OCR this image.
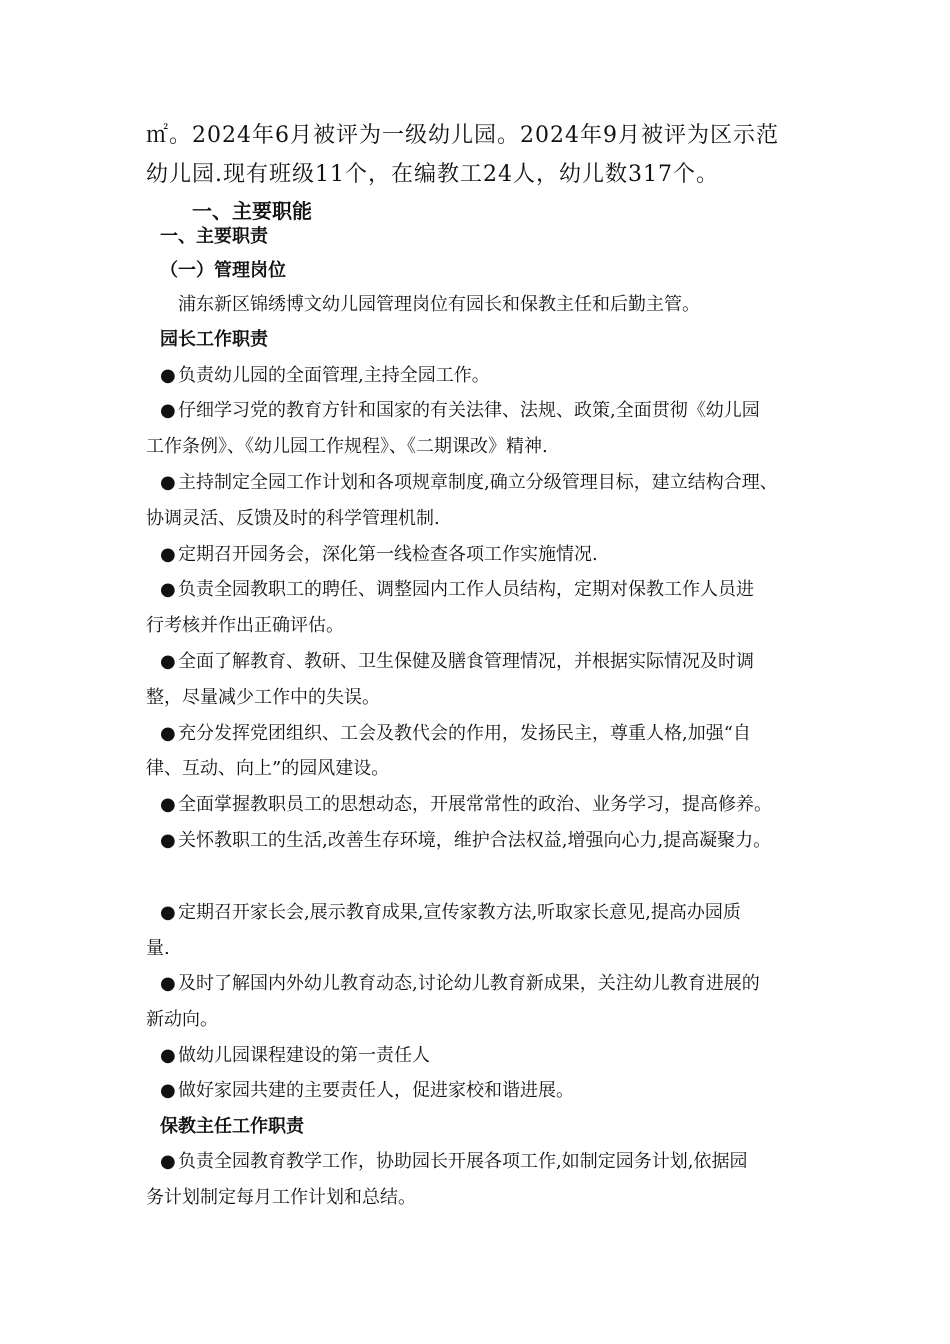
㎡。2024年6月被评为一级幼儿园。2024年9月被评为区示范
幼儿园.现有班级11个，在编教工24人，幼儿数317个。
一、主要职能
一、主要职责
（一）管理岗位
浦东新区锦绣博文幼儿园管理岗位有园长和保教主任和后勤主管。
园长工作职责
● 负责幼儿园的全面管理,主持全园工作。
● 仔细学习党的教育方针和国家的有关法律、法规、政策,全面贯彻《幼儿园
工作条例》、《幼儿园工作规程》、《二期课改》精神.
● 主持制定全园工作计划和各项规章制度,确立分级管理目标，建立结构合理、
协调灵活、反馈及时的科学管理机制.
● 定期召开园务会，深化第一线检查各项工作实施情况.
● 负责全园教职工的聘任、调整园内工作人员结构，定期对保教工作人员进
行考核并作出正确评估。
● 全面了解教育、教研、卫生保健及膳食管理情况，并根据实际情况及时调
整，尽量减少工作中的失误。
● 充分发挥党团组织、工会及教代会的作用，发扬民主，尊重人格,加强“自
律、互动、向上”的园风建设。
● 全面掌握教职员工的思想动态，开展常常性的政治、业务学习，提高修养。
● 关怀教职工的生活,改善生存环境，维护合法权益,增强向心力,提高凝聚力。
● 定期召开家长会,展示教育成果,宣传家教方法,听取家长意见,提高办园质
量.
● 及时了解国内外幼儿教育动态,讨论幼儿教育新成果，关注幼儿教育进展的
新动向。
● 做幼儿园课程建设的第一责任人
● 做好家园共建的主要责任人，促进家校和谐进展。
保教主任工作职责
● 负责全园教育教学工作，协助园长开展各项工作,如制定园务计划,依据园
务计划制定每月工作计划和总结。
